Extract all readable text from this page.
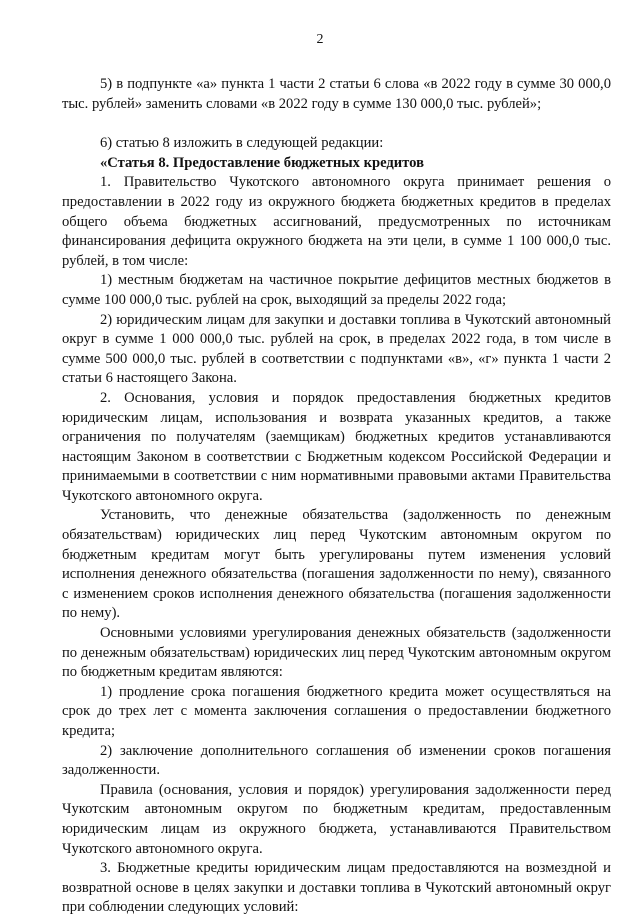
2

5) в подпункте «а» пункта 1 части 2 статьи 6 слова «в 2022 году в сумме 30 000,0 тыс. рублей» заменить словами «в 2022 году в сумме 130 000,0 тыс. рублей»;

6) статью 8 изложить в следующей редакции:

«Статья 8. Предоставление бюджетных кредитов

1. Правительство Чукотского автономного округа принимает решения о предоставлении в 2022 году из окружного бюджета бюджетных кредитов в пределах общего объема бюджетных ассигнований, предусмотренных по источникам финансирования дефицита окружного бюджета на эти цели, в сумме 1 100 000,0 тыс. рублей, в том числе:

1) местным бюджетам на частичное покрытие дефицитов местных бюджетов в сумме 100 000,0 тыс. рублей на срок, выходящий за пределы 2022 года;

2) юридическим лицам для закупки и доставки топлива в Чукотский автономный округ в сумме 1 000 000,0 тыс. рублей на срок, в пределах 2022 года, в том числе в сумме 500 000,0 тыс. рублей в соответствии с подпунктами «в», «г» пункта 1 части 2 статьи 6 настоящего Закона.

2. Основания, условия и порядок предоставления бюджетных кредитов юридическим лицам, использования и возврата указанных кредитов, а также ограничения по получателям (заемщикам) бюджетных кредитов устанавливаются настоящим Законом в соответствии с Бюджетным кодексом Российской Федерации и принимаемыми в соответствии с ним нормативными правовыми актами Правительства Чукотского автономного округа.

Установить, что денежные обязательства (задолженность по денежным обязательствам) юридических лиц перед Чукотским автономным округом по бюджетным кредитам могут быть урегулированы путем изменения условий исполнения денежного обязательства (погашения задолженности по нему), связанного с изменением сроков исполнения денежного обязательства (погашения задолженности по нему).

Основными условиями урегулирования денежных обязательств (задолженности по денежным обязательствам) юридических лиц перед Чукотским автономным округом по бюджетным кредитам являются:

1) продление срока погашения бюджетного кредита может осуществляться на срок до трех лет с момента заключения соглашения о предоставлении бюджетного кредита;

2) заключение дополнительного соглашения об изменении сроков погашения задолженности.

Правила (основания, условия и порядок) урегулирования задолженности перед Чукотским автономным округом по бюджетным кредитам, предоставленным юридическим лицам из окружного бюджета, устанавливаются Правительством Чукотского автономного округа.

3. Бюджетные кредиты юридическим лицам предоставляются на возмездной и возвратной основе в целях закупки и доставки топлива в Чукотский автономный округ при соблюдении следующих условий:
